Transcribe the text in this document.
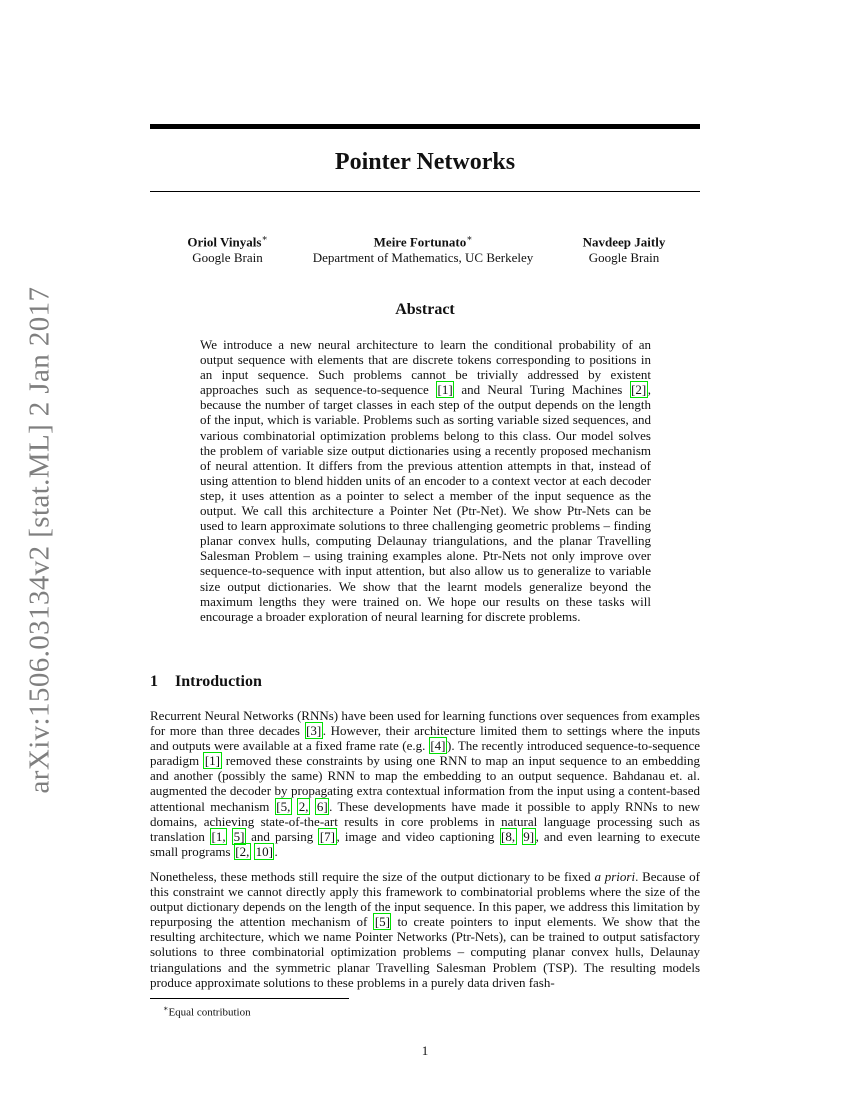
arXiv:1506.03134v2 [stat.ML] 2 Jan 2017
Pointer Networks
Oriol Vinyals∗
Google Brain
Meire Fortunato∗
Department of Mathematics, UC Berkeley
Navdeep Jaitly
Google Brain
Abstract

We introduce a new neural architecture to learn the conditional probability of an output sequence with elements that are discrete tokens corresponding to positions in an input sequence. Such problems cannot be trivially addressed by existent approaches such as sequence-to-sequence [1] and Neural Turing Machines [2] , because the number of target classes in each step of the output depends on the length of the input, which is variable. Problems such as sorting variable sized sequences, and various combinatorial optimization problems belong to this class. Our model solves the problem of variable size output dictionaries using a recently proposed mechanism of neural attention. It differs from the previous attention attempts in that, instead of using attention to blend hidden units of an encoder to a context vector at each decoder step, it uses attention as a pointer to select a member of the input sequence as the output. We call this architecture a Pointer Net (Ptr-Net). We show Ptr-Nets can be used to learn approximate solutions to three challenging geometric problems – finding planar convex hulls, computing Delaunay triangulations, and the planar Travelling Salesman Problem – using training examples alone. Ptr-Nets not only improve over sequence-to-sequence with input attention, but also allow us to generalize to variable size output dictionaries. We show that the learnt models generalize beyond the maximum lengths they were trained on. We hope our results on these tasks will encourage a broader exploration of neural learning for discrete problems.

1 Introduction

Recurrent Neural Networks (RNNs) have been used for learning functions over sequences from examples for more than three decades [3] . However, their architecture limited them to settings where the inputs and outputs were available at a fixed frame rate (e.g. [4] ). The recently introduced sequence-to-sequence paradigm [1] removed these constraints by using one RNN to map an input sequence to an embedding and another (possibly the same) RNN to map the embedding to an output sequence. Bahdanau et. al. augmented the decoder by propagating extra contextual information from the input using a content-based attentional mechanism [5, 2, 6] . These developments have made it possible to apply RNNs to new domains, achieving state-of-the-art results in core problems in natural language processing such as translation [1, 5] and parsing [7] , image and video captioning [8, 9] , and even learning to execute small programs [2, 10] .

Nonetheless, these methods still require the size of the output dictionary to be fixed a priori. Because of this constraint we cannot directly apply this framework to combinatorial problems where the size of the output dictionary depends on the length of the input sequence. In this paper, we address this limitation by repurposing the attention mechanism of [5] to create pointers to input elements. We show that the resulting architecture, which we name Pointer Networks (Ptr-Nets), can be trained to output satisfactory solutions to three combinatorial optimization problems – computing planar convex hulls, Delaunay triangulations and the symmetric planar Travelling Salesman Problem (TSP). The resulting models produce approximate solutions to these problems in a purely data driven fash-

∗Equal contribution

1
